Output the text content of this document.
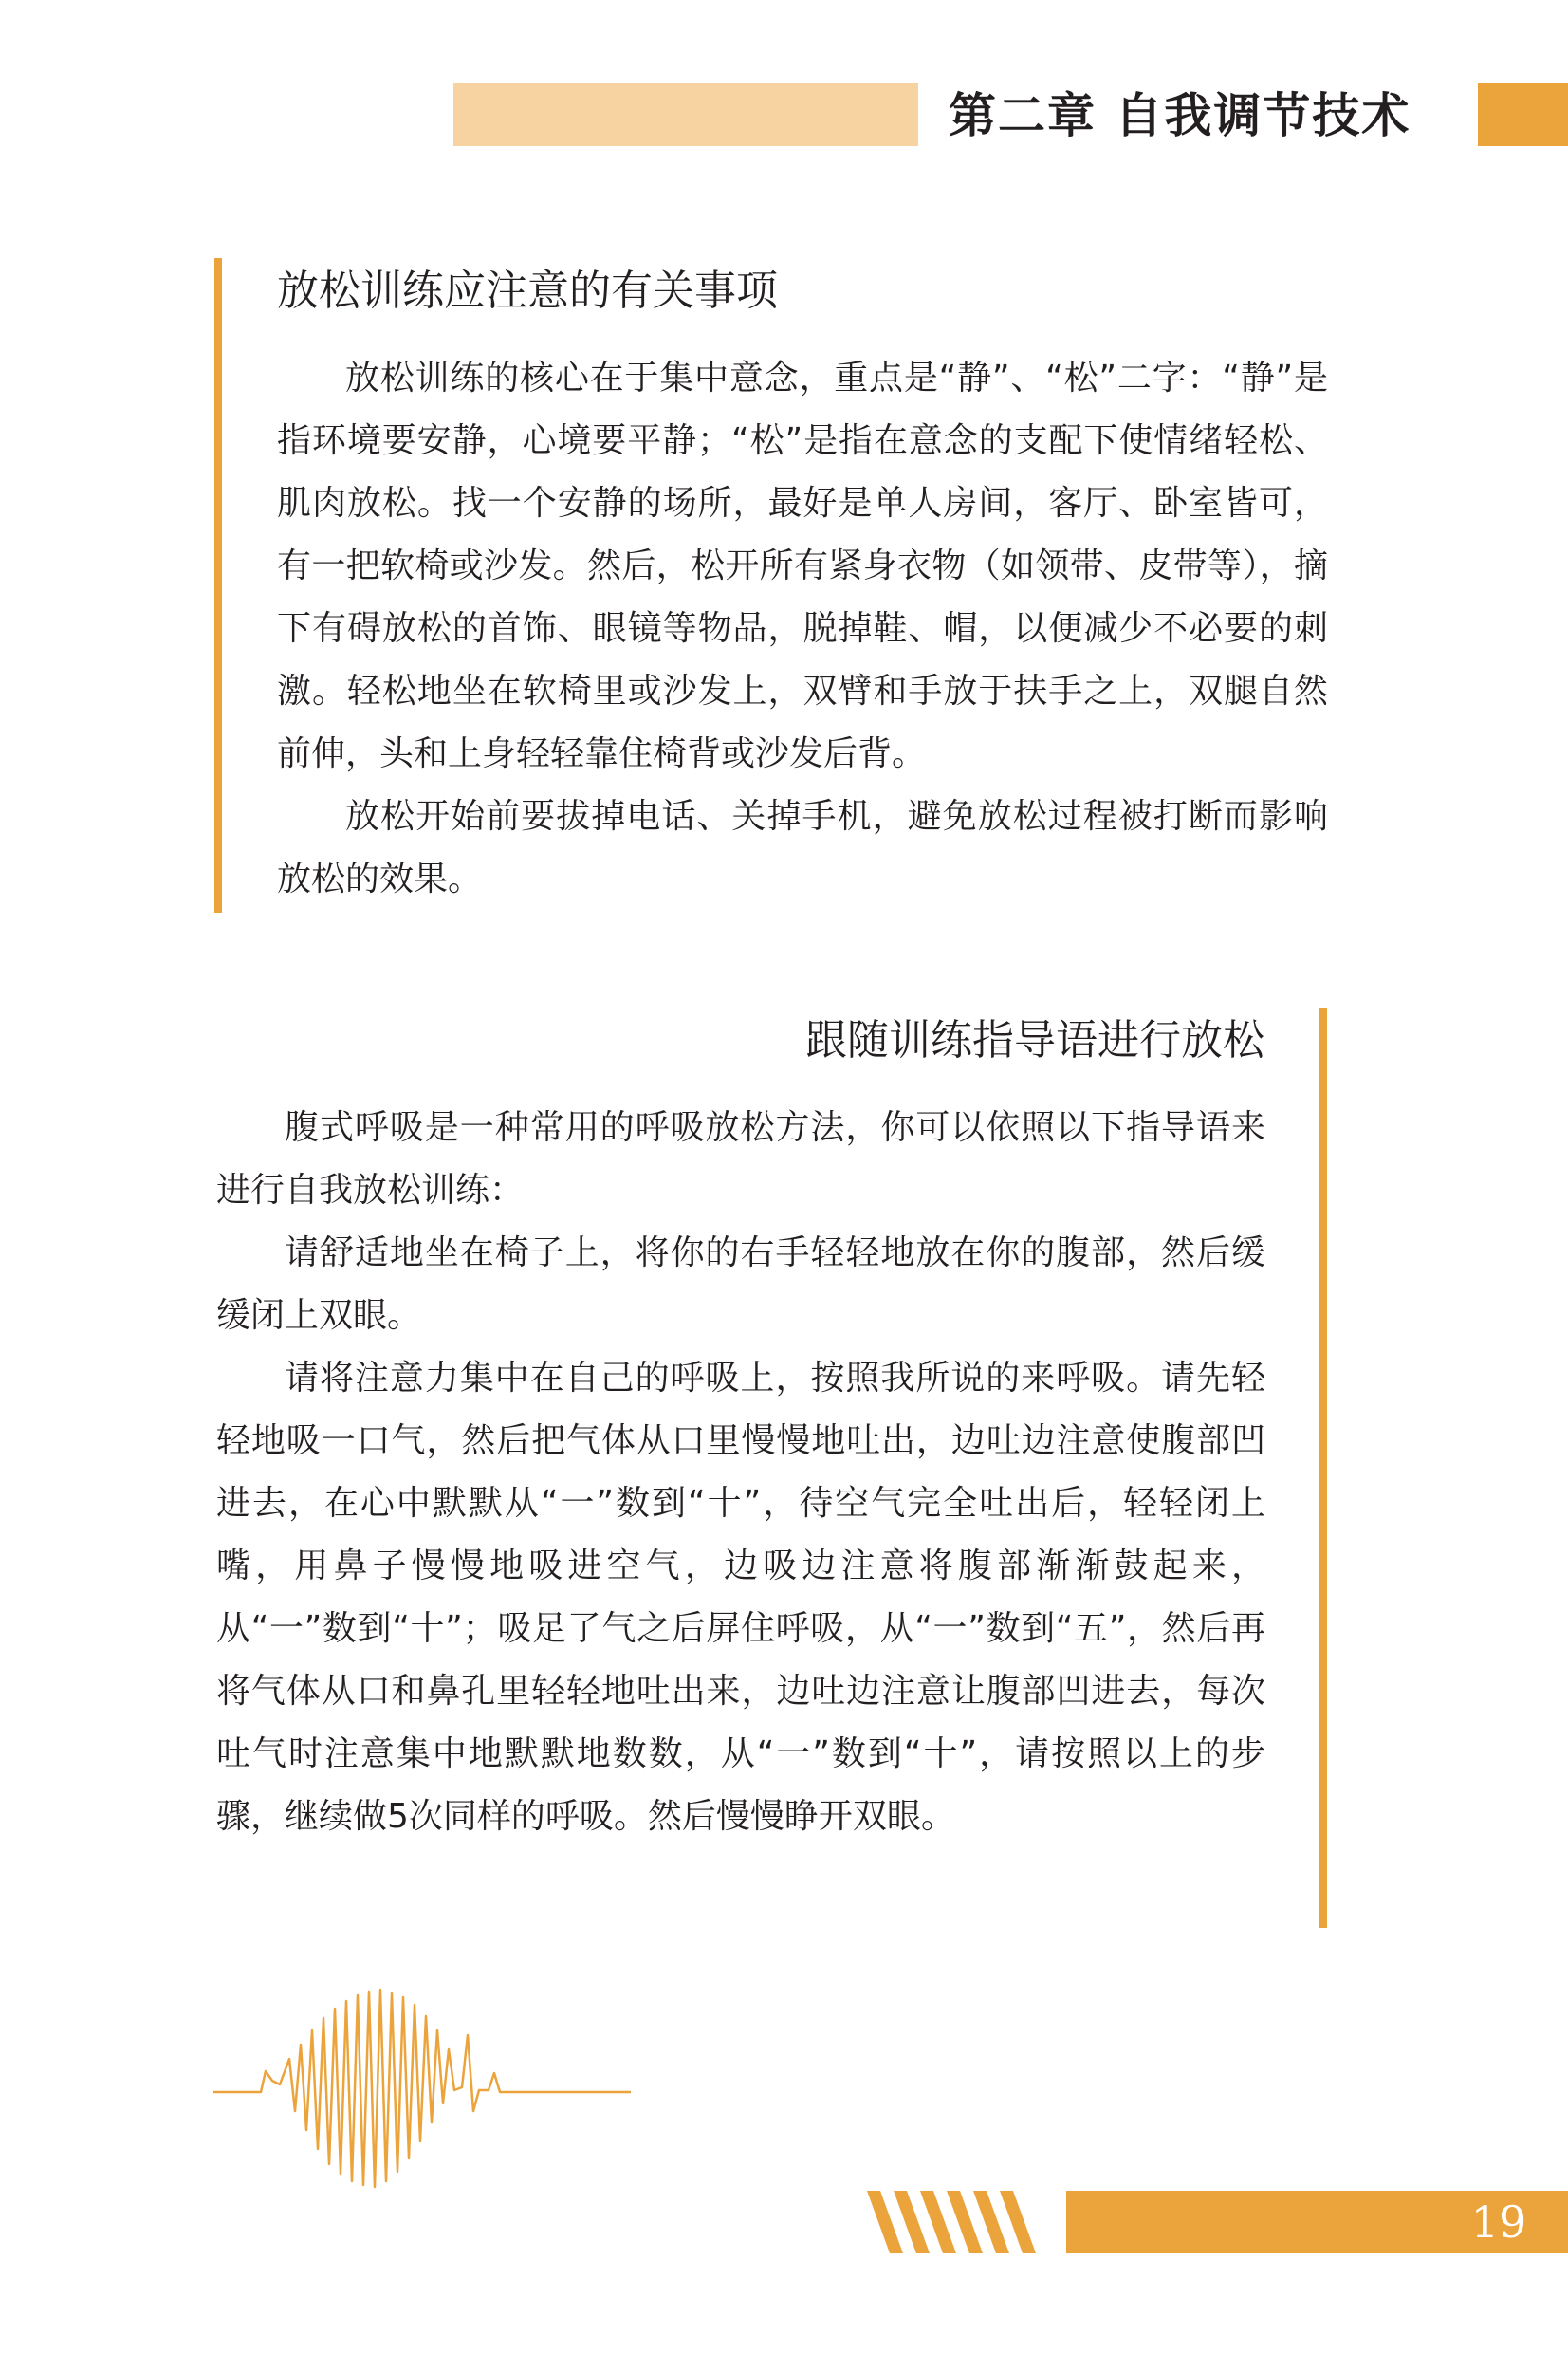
第二章 自我调节技术
放松训练应注意的有关事项

放松训练的核心在于集中意念，重点是“静”、“松”二字：“静”是指环境要安静，心境要平静；“松”是指在意念的支配下使情绪轻松、肌肉放松。找一个安静的场所，最好是单人房间，客厅、卧室皆可，有一把软椅或沙发。然后，松开所有紧身衣物（如领带、皮带等），摘下有碍放松的首饰、眼镜等物品，脱掉鞋、帽，以便减少不必要的刺激。轻松地坐在软椅里或沙发上，双臂和手放于扶手之上，双腿自然前伸，头和上身轻轻靠住椅背或沙发后背。

放松开始前要拔掉电话、关掉手机，避免放松过程被打断而影响放松的效果。

跟随训练指导语进行放松

腹式呼吸是一种常用的呼吸放松方法，你可以依照以下指导语来进行自我放松训练：

请舒适地坐在椅子上，将你的右手轻轻地放在你的腹部，然后缓缓闭上双眼。

请将注意力集中在自己的呼吸上，按照我所说的来呼吸。请先轻轻地吸一口气，然后把气体从口里慢慢地吐出，边吐边注意使腹部凹进去，在心中默默从“一”数到“十”，待空气完全吐出后，轻轻闭上嘴，用鼻子慢慢地吸进空气，边吸边注意将腹部渐渐鼓起来，从“一”数到“十”；吸足了气之后屏住呼吸，从“一”数到“五”，然后再将气体从口和鼻孔里轻轻地吐出来，边吐边注意让腹部凹进去，每次吐气时注意集中地默默地数数，从“一”数到“十”，请按照以上的步骤，继续做5次同样的呼吸。然后慢慢睁开双眼。

19
